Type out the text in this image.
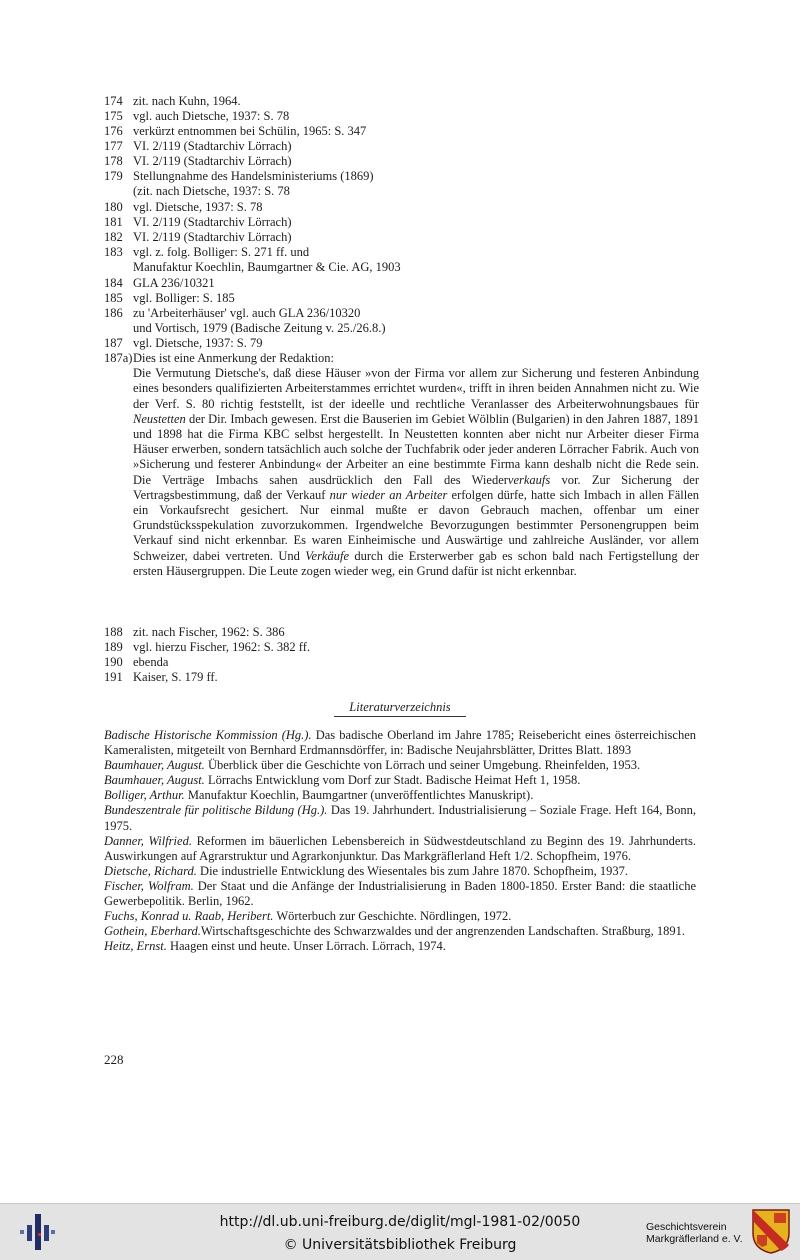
174 zit. nach Kuhn, 1964.
175 vgl. auch Dietsche, 1937: S. 78
176 verkürzt entnommen bei Schülin, 1965: S. 347
177 VI. 2/119 (Stadtarchiv Lörrach)
178 VI. 2/119 (Stadtarchiv Lörrach)
179 Stellungnahme des Handelsministeriums (1869)
(zit. nach Dietsche, 1937: S. 78
180 vgl. Dietsche, 1937: S. 78
181 VI. 2/119 (Stadtarchiv Lörrach)
182 VI. 2/119 (Stadtarchiv Lörrach)
183 vgl. z. folg. Bolliger: S. 271 ff. und
Manufaktur Koechlin, Baumgartner & Cie. AG, 1903
184 GLA 236/10321
185 vgl. Bolliger: S. 185
186 zu 'Arbeiterhäuser' vgl. auch GLA 236/10320
und Vortisch, 1979 (Badische Zeitung v. 25./26.8.)
187 vgl. Dietsche, 1937: S. 79
187a)Dies ist eine Anmerkung der Redaktion:

Die Vermutung Dietsche's, daß diese Häuser »von der Firma vor allem zur Sicherung und festeren Anbindung eines besonders qualifizierten Arbeiterstammes errichtet wurden«, trifft in ihren beiden Annahmen nicht zu. Wie der Verf. S. 80 richtig feststellt, ist der ideelle und rechtliche Veranlasser des Arbeiterwohnungsbaues für Neustetten der Dir. Imbach gewesen. Erst die Bauserien im Gebiet Wölblin (Bulgarien) in den Jahren 1887, 1891 und 1898 hat die Firma KBC selbst hergestellt. In Neustetten konnten aber nicht nur Arbeiter dieser Firma Häuser erwerben, sondern tatsächlich auch solche der Tuchfabrik oder jeder anderen Lörracher Fabrik. Auch von »Sicherung und festerer Anbindung« der Arbeiter an eine bestimmte Firma kann deshalb nicht die Rede sein. Die Verträge Imbachs sahen ausdrücklich den Fall des Wiederverkaufs vor. Zur Sicherung der Vertragsbestimmung, daß der Verkauf nur wieder an Arbeiter erfolgen dürfe, hatte sich Imbach in allen Fällen ein Vorkaufsrecht gesichert. Nur einmal mußte er davon Gebrauch machen, offenbar um einer Grundstücksspekulation zuvorzukommen. Irgendwelche Bevorzugungen bestimmter Personengruppen beim Verkauf sind nicht erkennbar. Es waren Einheimische und Auswärtige und zahlreiche Ausländer, vor allem Schweizer, dabei vertreten. Und Verkäufe durch die Ersterwerber gab es schon bald nach Fertigstellung der ersten Häusergruppen. Die Leute zogen wieder weg, ein Grund dafür ist nicht erkennbar.

188 zit. nach Fischer, 1962: S. 386
189 vgl. hierzu Fischer, 1962: S. 382 ff.
190 ebenda
191 Kaiser, S. 179 ff.
Literaturverzeichnis

Badische Historische Kommission (Hg.). Das badische Oberland im Jahre 1785; Reisebericht eines österreichischen Kameralisten, mitgeteilt von Bernhard Erdmannsdörffer, in: Badische Neujahrsblätter, Drittes Blatt. 1893

Baumhauer, August. Überblick über die Geschichte von Lörrach und seiner Umgebung. Rheinfelden, 1953.

Baumhauer, August. Lörrachs Entwicklung vom Dorf zur Stadt. Badische Heimat Heft 1, 1958.

Bolliger, Arthur. Manufaktur Koechlin, Baumgartner (unveröffentlichtes Manuskript).

Bundeszentrale für politische Bildung (Hg.). Das 19. Jahrhundert. Industrialisierung – Soziale Frage. Heft 164, Bonn, 1975.

Danner, Wilfried. Reformen im bäuerlichen Lebensbereich in Südwestdeutschland zu Beginn des 19. Jahrhunderts. Auswirkungen auf Agrarstruktur und Agrarkonjunktur. Das Markgräflerland Heft 1/2. Schopfheim, 1976.

Dietsche, Richard. Die industrielle Entwicklung des Wiesentales bis zum Jahre 1870. Schopfheim, 1937.

Fischer, Wolfram. Der Staat und die Anfänge der Industrialisierung in Baden 1800-1850. Erster Band: die staatliche Gewerbepolitik. Berlin, 1962.

Fuchs, Konrad u. Raab, Heribert. Wörterbuch zur Geschichte. Nördlingen, 1972.

Gothein, Eberhard.Wirtschaftsgeschichte des Schwarzwaldes und der angrenzenden Landschaften. Straßburg, 1891.

Heitz, Ernst. Haagen einst und heute. Unser Lörrach. Lörrach, 1974.

228
http://dl.ub.uni-freiburg.de/diglit/mgl-1981-02/0050
© Universitätsbibliothek Freiburg
Geschichtsverein
Markgräflerland e. V.
